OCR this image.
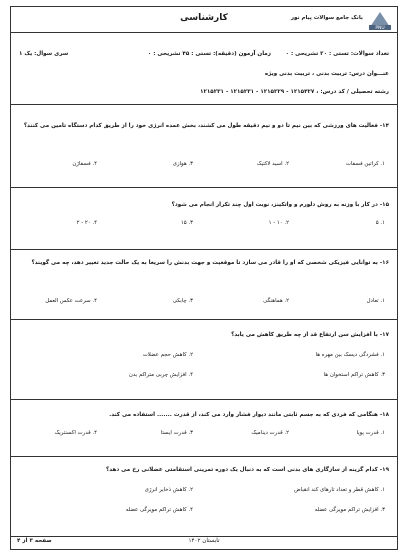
کارشناسی	بانک جامع سوالات پیام نور
PNU
تعداد سوالات: تستی : ۲۰ تشریحی : ۰
زمان آزمون (دقیقه): تستی : ۴۵ تشریحی : ۰
سری سوال: یک ۱
عنـــوان درس: تربیت بدنی ، تربیت بدنی ویژه
رشته تحصیلی / کد درس: ، ۱۲۱۵۴۲۷ - ۱۲۱۵۲۲۹ - ۱۲۱۵۲۳۱ - ۱۲۱۵۲۳۱
۱۴- فعالیت های ورزشی که بین نیم تا دو و نیم دقیقه طول می کشند، بخش عمده انرژی خود را از طریق کدام دستگاه تامین می کنند؟
۱. کراتین فسفات
۲. اسید لاکتیک
۳. هوازی
۴. فسفاژن
۱۵- در کار با وزنه به روش دلورم و واتکینز، نوبت اول چند تکرار انجام می شود؟
۱. ۵
۲. ۱۰ - ۱
۳. ۱۵
۴. ۲۰ - ۲
۱۶- به توانایی فیزیکی شخصی که او را قادر می سازد تا موقعیت و جهت بدنش را سریعا به یک حالت جدید تغییر دهد، چه می گویند؟
۱. تعادل
۲. هماهنگی
۳. چابکی
۴. سرعت عکس العمل
۱۷- با افزایش سن ارتفاع قد از چه طریق کاهش می یابد؟
۱. فشردگی دیسک بین مهره ها
۲. کاهش حجم عضلات
۳. کاهش تراکم استخوان ها
۴. افزایش چربی متراکم بدن
۱۸- هنگامی که فردی که به جسم ثابتی مانند دیوار فشار وارد می کند، از قدرت ....... استفاده می کند.
۱. قدرت پویا
۲. قدرت دینامیک
۳. قدرت ایستا
۴. قدرت اکسنتریک
۱۹- کدام گزینه از سازگاری های بدنی است که به دنبال یک دوره تمرینی استقامتی عضلانی رخ می دهد؟
۱. کاهش قطر و تعداد تارهای کند انقباض
۲. کاهش ذخایر انرژی
۳. افزایش تراکم مویرگی عضله
۴. کاهش تراکم مویرگی عضله
تابستان ۱۴۰۲
صفحه ۳ از ۴
